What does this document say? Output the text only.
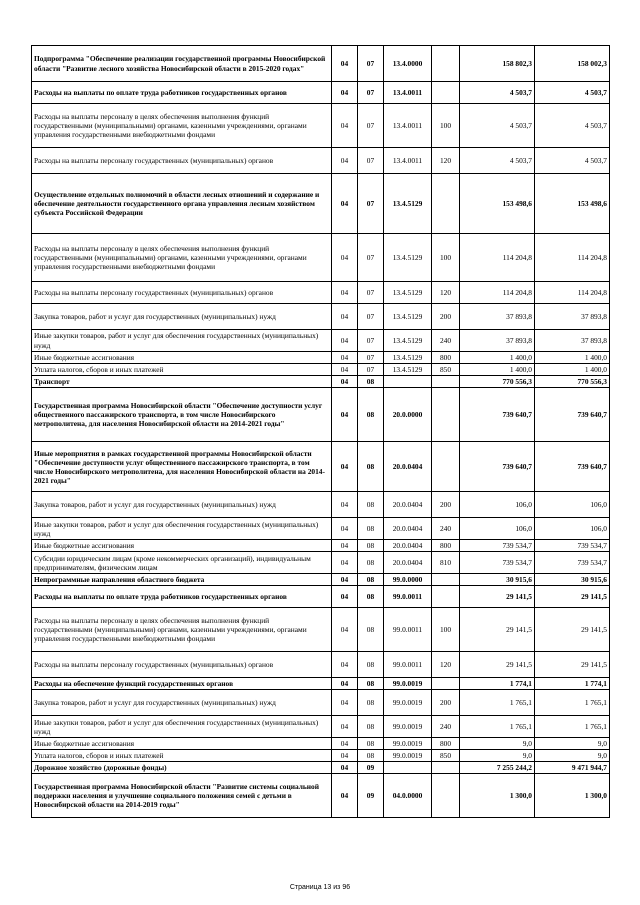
Подпрограмма "Обеспечение реализации государственной программы Новосибирской области "Развитие лесного хозяйства Новосибирской области в 2015-2020 годах"	04	07	13.4.0000		158 802,3	158 002,3
Расходы на выплаты по оплате труда работников государственных органов	04	07	13.4.0011		4 503,7	4 503,7
Расходы на выплаты персоналу в целях обеспечения выполнения функций государственными (муниципальными) органами, казенными учреждениями, органами управления государственными внебюджетными фондами	04	07	13.4.0011	100	4 503,7	4 503,7
Расходы на выплаты персоналу государственных (муниципальных) органов	04	07	13.4.0011	120	4 503,7	4 503,7
Осуществление отдельных полномочий в области лесных отношений и содержание и обеспечение деятельности государственного органа управления лесным хозяйством субъекта Российской Федерации	04	07	13.4.5129		153 498,6	153 498,6
Расходы на выплаты персоналу в целях обеспечения выполнения функций государственными (муниципальными) органами, казенными учреждениями, органами управления государственными внебюджетными фондами	04	07	13.4.5129	100	114 204,8	114 204,8
Расходы на выплаты персоналу государственных (муниципальных) органов	04	07	13.4.5129	120	114 204,8	114 204,8
Закупка товаров, работ и услуг для государственных (муниципальных) нужд	04	07	13.4.5129	200	37 893,8	37 893,8
Иные закупки товаров, работ и услуг для обеспечения государственных (муниципальных) нужд	04	07	13.4.5129	240	37 893,8	37 893,8
Иные бюджетные ассигнования	04	07	13.4.5129	800	1 400,0	1 400,0
Уплата налогов, сборов и иных платежей	04	07	13.4.5129	850	1 400,0	1 400,0
Транспорт	04	08			770 556,3	770 556,3
Государственная программа Новосибирской области "Обеспечение доступности услуг общественного пассажирского транспорта, в том числе Новосибирского метрополитена, для населения Новосибирской области на 2014-2021 годы"	04	08	20.0.0000		739 640,7	739 640,7
Иные мероприятия в рамках государственной программы Новосибирской области "Обеспечение доступности услуг общественного пассажирского транспорта, в том числе Новосибирского метрополитена, для населения Новосибирской области на 2014-2021 годы"	04	08	20.0.0404		739 640,7	739 640,7
Закупка товаров, работ и услуг для государственных (муниципальных) нужд	04	08	20.0.0404	200	106,0	106,0
Иные закупки товаров, работ и услуг для обеспечения государственных (муниципальных) нужд	04	08	20.0.0404	240	106,0	106,0
Иные бюджетные ассигнования	04	08	20.0.0404	800	739 534,7	739 534,7
Субсидии юридическим лицам (кроме некоммерческих организаций), индивидуальным предпринимателям, физическим лицам	04	08	20.0.0404	810	739 534,7	739 534,7
Непрограммные направления областного бюджета	04	08	99.0.0000		30 915,6	30 915,6
Расходы на выплаты по оплате труда работников государственных органов	04	08	99.0.0011		29 141,5	29 141,5
Расходы на выплаты персоналу в целях обеспечения выполнения функций государственными (муниципальными) органами, казенными учреждениями, органами управления государственными внебюджетными фондами	04	08	99.0.0011	100	29 141,5	29 141,5
Расходы на выплаты персоналу государственных (муниципальных) органов	04	08	99.0.0011	120	29 141,5	29 141,5
Расходы на обеспечение функций государственных органов	04	08	99.0.0019		1 774,1	1 774,1
Закупка товаров, работ и услуг для государственных (муниципальных) нужд	04	08	99.0.0019	200	1 765,1	1 765,1
Иные закупки товаров, работ и услуг для обеспечения государственных (муниципальных) нужд	04	08	99.0.0019	240	1 765,1	1 765,1
Иные бюджетные ассигнования	04	08	99.0.0019	800	9,0	9,0
Уплата налогов, сборов и иных платежей	04	08	99.0.0019	850	9,0	9,0
Дорожное хозяйство (дорожные фонды)	04	09			7 255 244,2	9 471 944,7
Государственная программа Новосибирской области "Развитие системы социальной поддержки населения и улучшение социального положения семей с детьми в Новосибирской области на 2014-2019 годы"	04	09	04.0.0000		1 300,0	1 300,0
Страница 13 из 96
